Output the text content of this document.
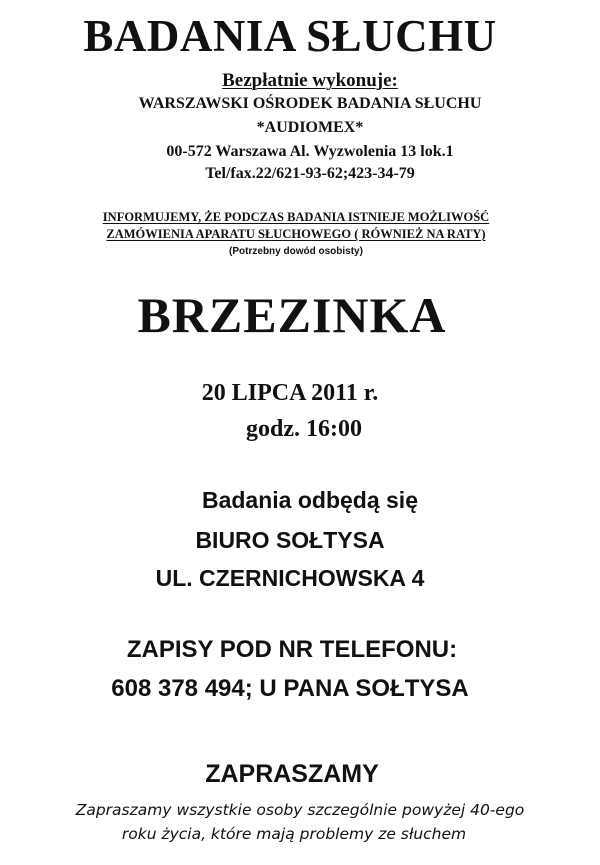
BADANIA SŁUCHU

Bezpłatnie wykonuje:

WARSZAWSKI OŚRODEK BADANIA SŁUCHU

*AUDIOMEX*

00-572 Warszawa Al. Wyzwolenia 13 lok.1

Tel/fax.22/621-93-62;423-34-79

INFORMUJEMY, ŻE PODCZAS BADANIA ISTNIEJE MOŻLIWOŚĆ

ZAMÓWIENIA APARATU SŁUCHOWEGO ( RÓWNIEŻ NA RATY)

(Potrzebny dowód osobisty)

BRZEZINKA

20 LIPCA 2011 r.

godz. 16:00

Badania odbędą się

BIURO SOŁTYSA

UL. CZERNICHOWSKA 4

ZAPISY POD NR TELEFONU:

608 378 494; U PANA SOŁTYSA

ZAPRASZAMY

Zapraszamy wszystkie osoby szczególnie powyżej 40-ego

roku życia, które mają problemy ze słuchem
